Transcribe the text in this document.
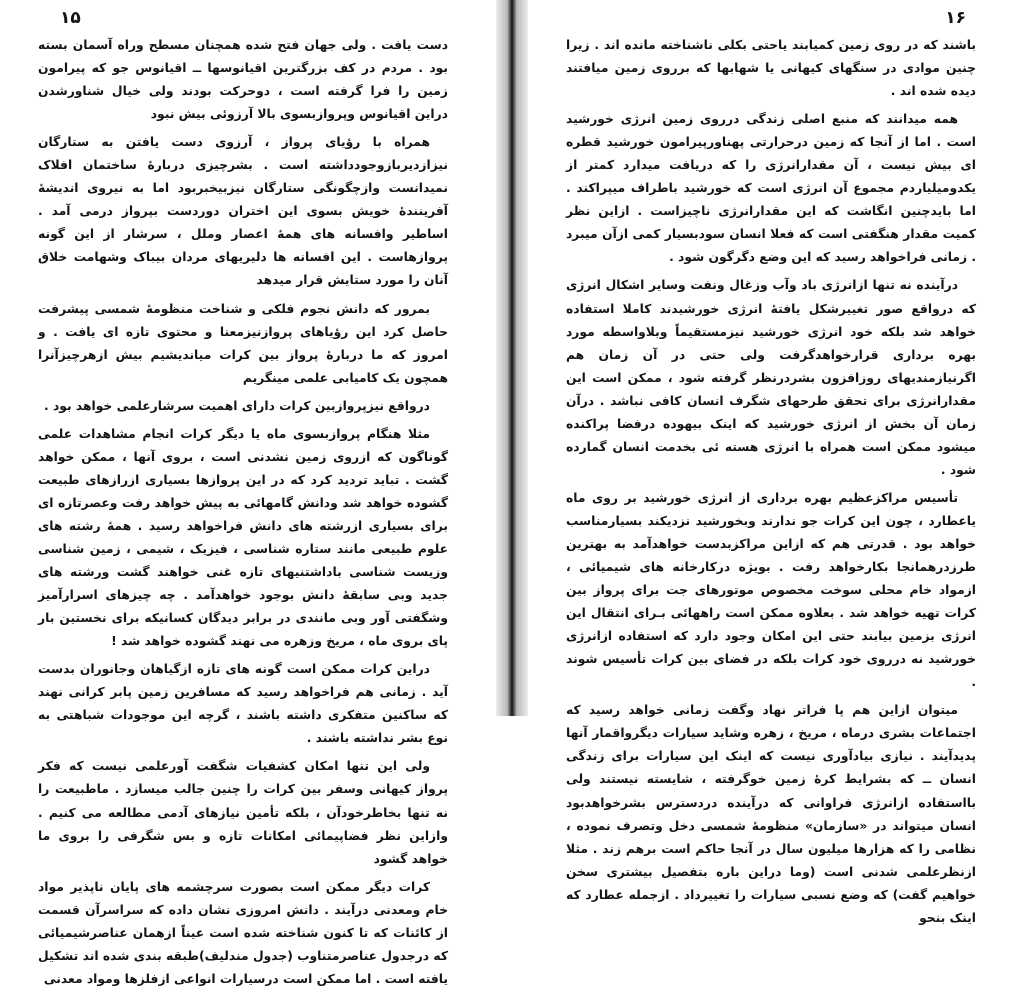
۱۵

دست یافت . ولی جهان فتح شده همچنان مسطح وراه آسمان بسته بود . مردم در کف بزرگترین اقیانوسها ــ اقیانوس جو که پیرامون زمین را فرا گرفته است ، دوحرکت بودند ولی خیال شناورشدن دراین اقیانوس وپروازبسوی بالا آرزوئی بیش نبود

همراه با رؤیای پرواز ، آرزوی دست یافتن به ستارگان نیزازدیربازوجودداشته است . بشرچیزی دربارهٔ ساختمان افلاک نمیدانست وازچگونگی ستارگان نیزبیخبربود اما به نیروی اندیشهٔ آفرینندهٔ خویش بسوی این اختران دوردست بپرواز درمی آمد . اساطیر وافسانه های همهٔ اعصار وملل ، سرشار از این گونه پروازهاست . این افسانه ها دلیریهای مردان بیباک وشهامت خلاق آنان را مورد ستایش قرار میدهد

بمرور که دانش نجوم فلکی و شناخت منظومهٔ شمسی پیشرفت حاصل کرد این رؤیاهای پروازنیزمعنا و محتوی تازه ای یافت . و امروز که ما دربارهٔ پرواز بین کرات میاندیشیم بیش ازهرچیزآنرا همچون یک کامیابی علمی مینگریم

درواقع نیزپروازبین کرات دارای اهمیت سرشارعلمی خواهد بود .

مثلا هنگام پروازبسوی ماه یا دیگر کرات انجام مشاهدات علمی گوناگون که ازروی زمین نشدنی است ، بروی آنها ، ممکن خواهد گشت . تباید تردید کرد که در این پروازها بسیاری ازرازهای طبیعت گشوده خواهد شد ودانش گامهائی به پیش خواهد رفت وعصرتازه ای برای بسیاری ازرشته های دانش فراخواهد رسید . همهٔ رشته های علوم طبیعی مانند ستاره شناسی ، فیزیک ، شیمی ، زمین شناسی وزیست شناسی باداشتنیهای تازه غنی خواهند گشت ورشته های جدید وبی سابقهٔ دانش بوجود خواهدآمد . چه چیزهای اسرارآمیز وشگفتی آور وبی مانندی در برابر دیدگان کسانیکه برای نخستین بار پای بروی ماه ، مریخ وزهره می نهند گشوده خواهد شد !

دراین کرات ممکن است گونه های تازه ازگیاهان وجانوران بدست آید . زمانی هم فراخواهد رسید که مسافرین زمین پابر کرانی نهند که ساکنین متفکری داشته باشند ، گرچه این موجودات شباهتی به نوع بشر نداشته باشند .

ولی این تنها امکان کشفیات شگفت آورعلمی نیست که فکر پرواز کیهانی وسفر بین کرات را چنین جالب میسازد . ماطبیعت را نه تنها بخاطرخودآن ، بلکه تأمین نیازهای آدمی مطالعه می کنیم . وازاین نظر فضاپیمائی امکانات تازه و بس شگرفی را بروی ما خواهد گشود

کرات دیگر ممکن است بصورت سرچشمه های پایان ناپذیر مواد خام ومعدنی درآیند . دانش امروزی نشان داده که سراسرآن قسمت از کائنات که تا کنون شناخته شده است عیناً ازهمان عناصرشیمیائی که درجدول عناصرمتناوب (جدول مندلیف)طبقه بندی شده اند تشکیل یافته است . اما ممکن است درسیارات انواعی ازفلزها ومواد معدنی

۱۶

باشند که در روی زمین کمیابند یاحتی بکلی ناشناخته مانده اند . زیرا چنین موادی در سنگهای کیهانی یا شهابها که برروی زمین میافتند دیده شده اند .

همه میدانند که منبع اصلی زندگی درروی زمین انرژی خورشید است . اما از آنجا که زمین درحرارتی پهناورپیرامون خورشید قطره ای بیش نیست ، آن مقدارانرژی را که دریافت میدارد کمتر از یکدومیلیاردم مجموع آن انرژی است که خورشید باطراف میپراکند . اما بایدچنین انگاشت که این مقدارانرژی ناچیزاست . ازاین نظر کمیت مقدار هنگفتی است که فعلا انسان سودبسیار کمی ازآن میبرد . زمانی فراخواهد رسید که این وضع دگرگون شود .

درآینده نه تنها ازانرژی باد وآب وزغال ونفت وسایر اشکال انرژی که درواقع صور تغییرشکل یافتهٔ انرژی خورشیدند کاملا استفاده خواهد شد بلکه خود انرژی خورشید نیزمستقیماً وبلاواسطه مورد بهره برداری قرارخواهدگرفت ولی حتی در آن زمان هم اگرنیازمندیهای روزافزون بشردرنظر گرفته شود ، ممکن است این مقدارانرژی برای تحقق طرحهای شگرف انسان کافی نباشد . درآن زمان آن بخش از انرژی خورشید که اینک بیهوده درفضا پراکنده میشود ممکن است همراه با انرژی هسته ئی بخدمت انسان گمارده شود .

تأسیس مراکزعظیم بهره برداری از انرژی خورشید بر روی ماه یاعطارد ، چون این کرات جو ندارند وبخورشید نزدیکند بسیارمناسب خواهد بود . قدرتی هم که ازاین مراکزبدست خواهدآمد به بهترین طرزدرهمانجا بکارخواهد رفت . بویژه درکارخانه های شیمیائی ، ازمواد خام محلی سوخت مخصوص موتورهای جت برای پرواز بین کرات تهیه خواهد شد . بعلاوه ممکن است راههائی بـرای انتقال این انرژی بزمین بیابند حتی این امکان وجود دارد که استفاده ازانرژی خورشید نه درروی خود کرات بلکه در فضای بین کرات تأسیس شوند .

میتوان ازاین هم پا فراتر نهاد وگفت زمانی خواهد رسید که اجتماعات بشری درماه ، مریخ ، زهره وشاید سیارات دیگرواقمار آنها پدیدآیند . نیازی بیادآوری نیست که اینک این سیارات برای زندگی انسان ــ که بشرایط کرهٔ زمین خوگرفته ، شایسته نیستند ولی بااستفاده ازانرژی فراوانی که درآینده دردسترس بشرخواهدبود انسان میتواند در «سازمان» منظومهٔ شمسی دخل وتصرف نموده ، نظامی را که هزارها میلیون سال در آنجا حاکم است برهم زند . مثلا ازنظرعلمی شدنی است (وما دراین باره بتفصیل بیشتری سخن خواهیم گفت) که وضع نسبی سیارات را تغییرداد . ازجمله عطارد که اینک بنحو
